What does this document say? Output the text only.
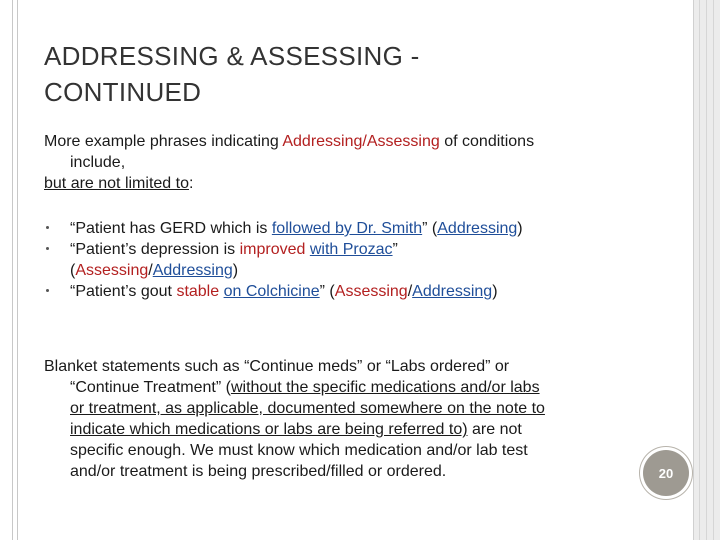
ADDRESSING & ASSESSING -
CONTINUED
More example phrases indicating Addressing/Assessing of conditions
include,
but are not limited to:
“Patient has GERD which is followed by Dr. Smith” (Addressing)
“Patient’s depression is improved with Prozac”
(Assessing/Addressing)
“Patient’s gout stable on Colchicine” (Assessing/Addressing)
Blanket statements such as “Continue meds” or “Labs ordered” or
“Continue Treatment” (without the specific medications and/or labs
or treatment, as applicable, documented somewhere on the note to
indicate which medications or labs are being referred to) are not
specific enough. We must know which medication and/or lab test
and/or treatment is being prescribed/filled or ordered.	20
